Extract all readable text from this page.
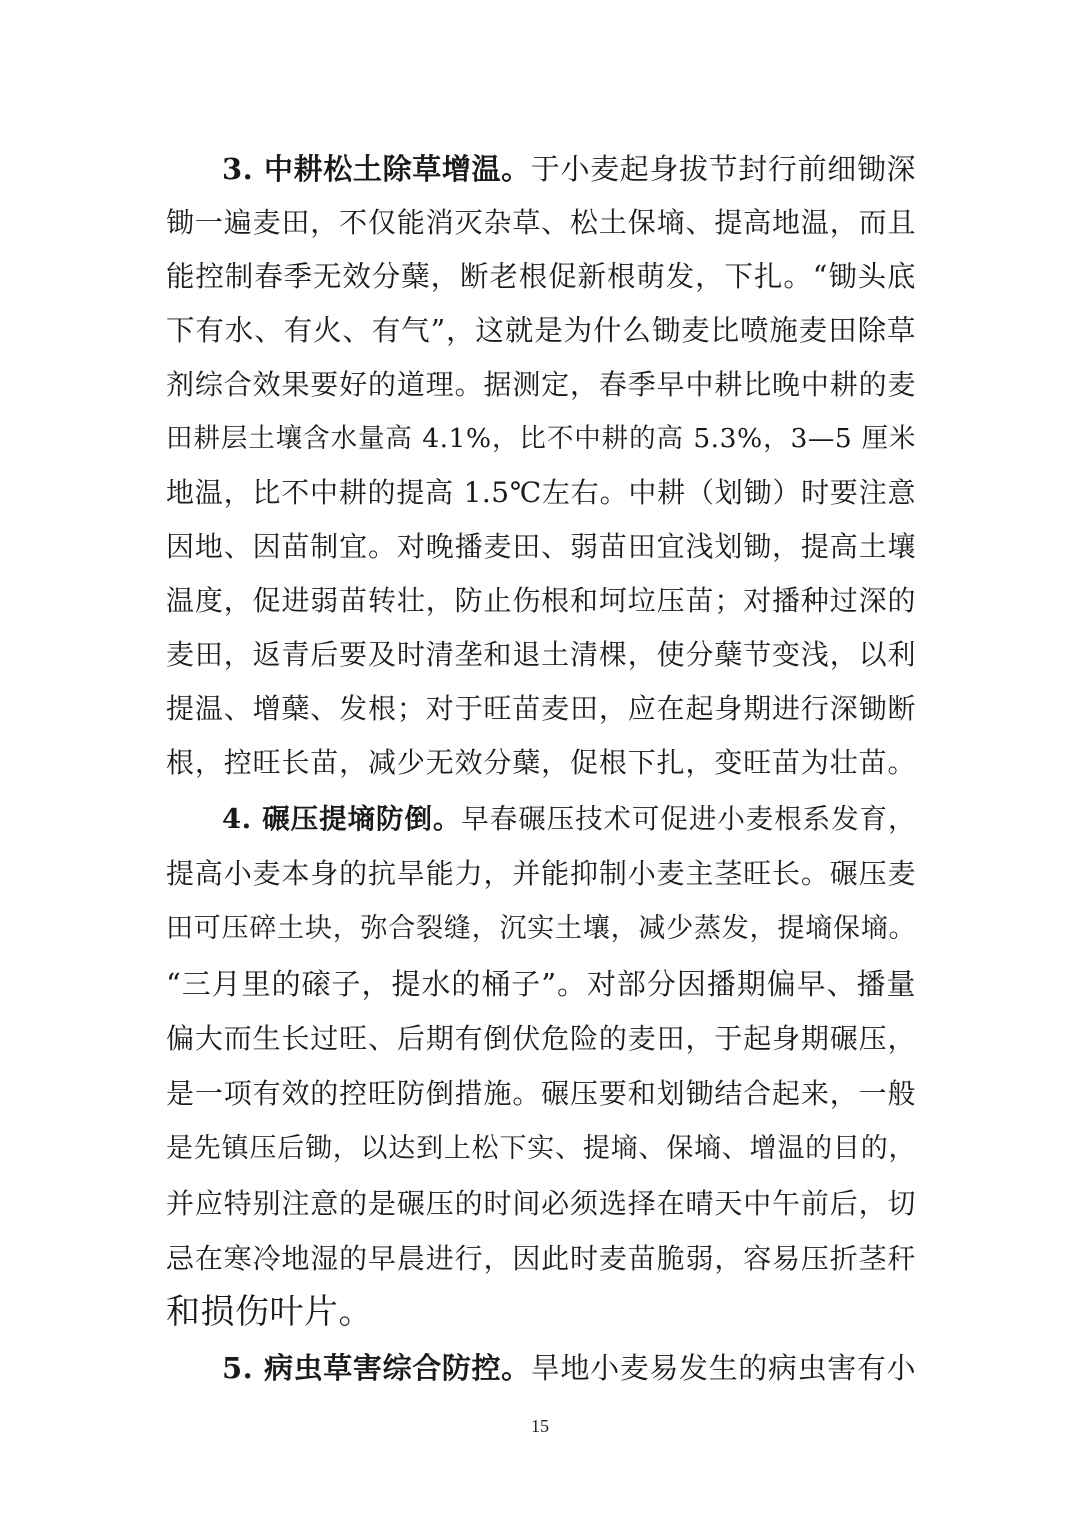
3. 中耕松土除草增温。于小麦起身拔节封行前细锄深
锄一遍麦田，不仅能消灭杂草、松土保墒、提高地温，而且
能控制春季无效分蘖，断老根促新根萌发，下扎。“锄头底
下有水、有火、有气”，这就是为什么锄麦比喷施麦田除草
剂综合效果要好的道理。据测定，春季早中耕比晚中耕的麦
田耕层土壤含水量高 4.1%，比不中耕的高 5.3%，3—5 厘米
地温，比不中耕的提高 1.5℃左右。中耕（划锄）时要注意
因地、因苗制宜。对晚播麦田、弱苗田宜浅划锄，提高土壤
温度，促进弱苗转壮，防止伤根和坷垃压苗；对播种过深的
麦田，返青后要及时清垄和退土清棵，使分蘖节变浅，以利
提温、增蘖、发根；对于旺苗麦田，应在起身期进行深锄断
根，控旺长苗，减少无效分蘖，促根下扎，变旺苗为壮苗。
4. 碾压提墒防倒。早春碾压技术可促进小麦根系发育，
提高小麦本身的抗旱能力，并能抑制小麦主茎旺长。碾压麦
田可压碎土块，弥合裂缝，沉实土壤，减少蒸发，提墒保墒。
“三月里的磙子，提水的桶子”。对部分因播期偏早、播量
偏大而生长过旺、后期有倒伏危险的麦田，于起身期碾压，
是一项有效的控旺防倒措施。碾压要和划锄结合起来，一般
是先镇压后锄，以达到上松下实、提墒、保墒、增温的目的，
并应特别注意的是碾压的时间必须选择在晴天中午前后，切
忌在寒冷地湿的早晨进行，因此时麦苗脆弱，容易压折茎秆
和损伤叶片。
5. 病虫草害综合防控。旱地小麦易发生的病虫害有小
15
